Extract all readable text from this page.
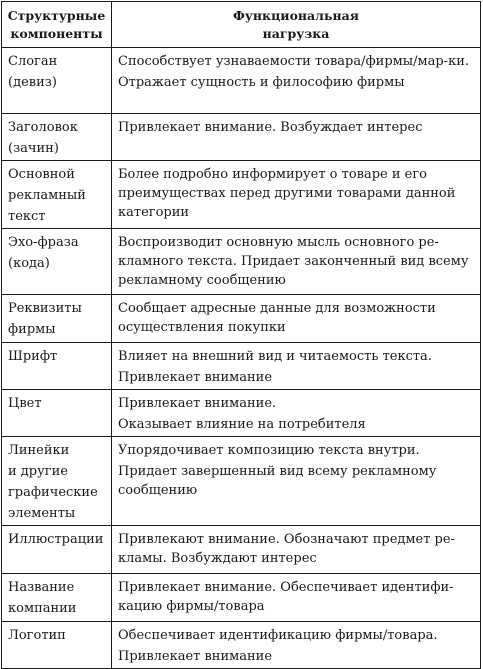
Структурные
компоненты	Функциональная
нагрузка

Слоган
(девиз)	Способствует узнаваемости товара/фирмы/мар-ки.
Отражает сущность и философию фирмы

Заголовок
(зачин)	Привлекает внимание. Возбуждает интерес

Основной
рекламный
текст	Более подробно информирует о товаре и его преимуществах перед другими товарами данной категории

Эхо-фраза
(кода)	Воспроизводит основную мысль основного ре-кламного текста. Придает законченный вид всему рекламному сообщению

Реквизиты
фирмы	Сообщает адресные данные для возможности осуществления покупки

Шрифт	Влияет на внешний вид и читаемость текста.
Привлекает внимание

Цвет	Привлекает внимание.
Оказывает влияние на потребителя

Линейки
и другие
графические
элементы	Упорядочивает композицию текста внутри.
Придает завершенный вид всему рекламному сообщению

Иллюстрации	Привлекают внимание. Обозначают предмет ре-кламы. Возбуждают интерес

Название
компании	Привлекает внимание. Обеспечивает идентифи-кацию фирмы/товара

Логотип	Обеспечивает идентификацию фирмы/товара.
Привлекает внимание
